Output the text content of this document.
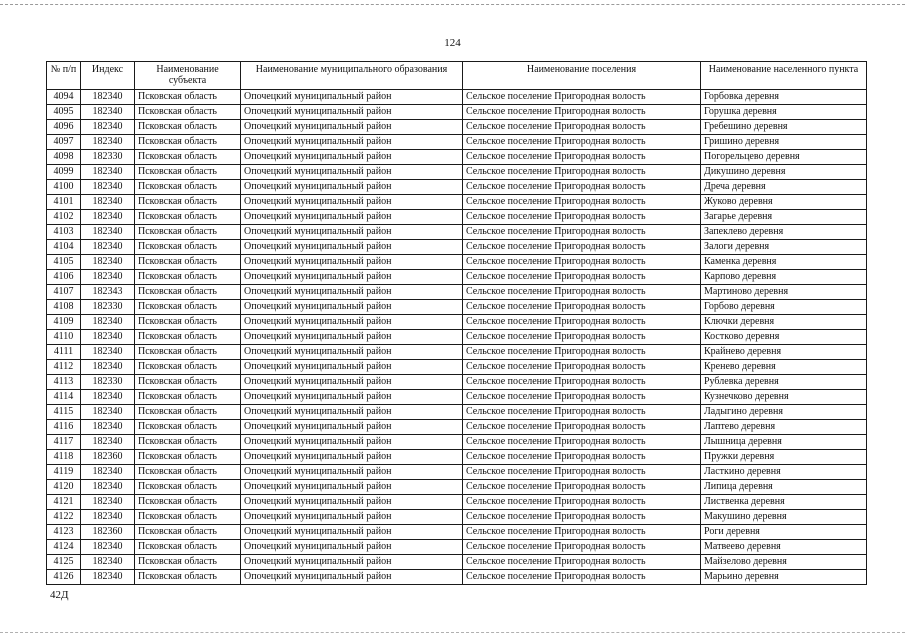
124
№ п/п	Индекс	Наименование субъекта	Наименование муниципального образования	Наименование поселения	Наименование населенного пункта
4094	182340	Псковская область	Опочецкий муниципальный район	Сельское поселение Пригородная волость	Горбовка деревня
4095	182340	Псковская область	Опочецкий муниципальный район	Сельское поселение Пригородная волость	Горушка деревня
4096	182340	Псковская область	Опочецкий муниципальный район	Сельское поселение Пригородная волость	Гребешино деревня
4097	182340	Псковская область	Опочецкий муниципальный район	Сельское поселение Пригородная волость	Гришино деревня
4098	182330	Псковская область	Опочецкий муниципальный район	Сельское поселение Пригородная волость	Погорельцево деревня
4099	182340	Псковская область	Опочецкий муниципальный район	Сельское поселение Пригородная волость	Дикушино деревня
4100	182340	Псковская область	Опочецкий муниципальный район	Сельское поселение Пригородная волость	Дреча деревня
4101	182340	Псковская область	Опочецкий муниципальный район	Сельское поселение Пригородная волость	Жуково деревня
4102	182340	Псковская область	Опочецкий муниципальный район	Сельское поселение Пригородная волость	Загарье деревня
4103	182340	Псковская область	Опочецкий муниципальный район	Сельское поселение Пригородная волость	Запеклево деревня
4104	182340	Псковская область	Опочецкий муниципальный район	Сельское поселение Пригородная волость	Залоги деревня
4105	182340	Псковская область	Опочецкий муниципальный район	Сельское поселение Пригородная волость	Каменка деревня
4106	182340	Псковская область	Опочецкий муниципальный район	Сельское поселение Пригородная волость	Карпово деревня
4107	182343	Псковская область	Опочецкий муниципальный район	Сельское поселение Пригородная волость	Мартиново деревня
4108	182330	Псковская область	Опочецкий муниципальный район	Сельское поселение Пригородная волость	Горбово деревня
4109	182340	Псковская область	Опочецкий муниципальный район	Сельское поселение Пригородная волость	Ключки деревня
4110	182340	Псковская область	Опочецкий муниципальный район	Сельское поселение Пригородная волость	Костково деревня
4111	182340	Псковская область	Опочецкий муниципальный район	Сельское поселение Пригородная волость	Крайнево деревня
4112	182340	Псковская область	Опочецкий муниципальный район	Сельское поселение Пригородная волость	Кренево деревня
4113	182330	Псковская область	Опочецкий муниципальный район	Сельское поселение Пригородная волость	Рублевка деревня
4114	182340	Псковская область	Опочецкий муниципальный район	Сельское поселение Пригородная волость	Кузнечково деревня
4115	182340	Псковская область	Опочецкий муниципальный район	Сельское поселение Пригородная волость	Ладыгино деревня
4116	182340	Псковская область	Опочецкий муниципальный район	Сельское поселение Пригородная волость	Лаптево деревня
4117	182340	Псковская область	Опочецкий муниципальный район	Сельское поселение Пригородная волость	Лышница деревня
4118	182360	Псковская область	Опочецкий муниципальный район	Сельское поселение Пригородная волость	Пружки деревня
4119	182340	Псковская область	Опочецкий муниципальный район	Сельское поселение Пригородная волость	Ласткино деревня
4120	182340	Псковская область	Опочецкий муниципальный район	Сельское поселение Пригородная волость	Липица деревня
4121	182340	Псковская область	Опочецкий муниципальный район	Сельское поселение Пригородная волость	Лиственка деревня
4122	182340	Псковская область	Опочецкий муниципальный район	Сельское поселение Пригородная волость	Макушино деревня
4123	182360	Псковская область	Опочецкий муниципальный район	Сельское поселение Пригородная волость	Роги деревня
4124	182340	Псковская область	Опочецкий муниципальный район	Сельское поселение Пригородная волость	Матвеево деревня
4125	182340	Псковская область	Опочецкий муниципальный район	Сельское поселение Пригородная волость	Майзелово деревня
4126	182340	Псковская область	Опочецкий муниципальный район	Сельское поселение Пригородная волость	Марьино деревня
42Д
